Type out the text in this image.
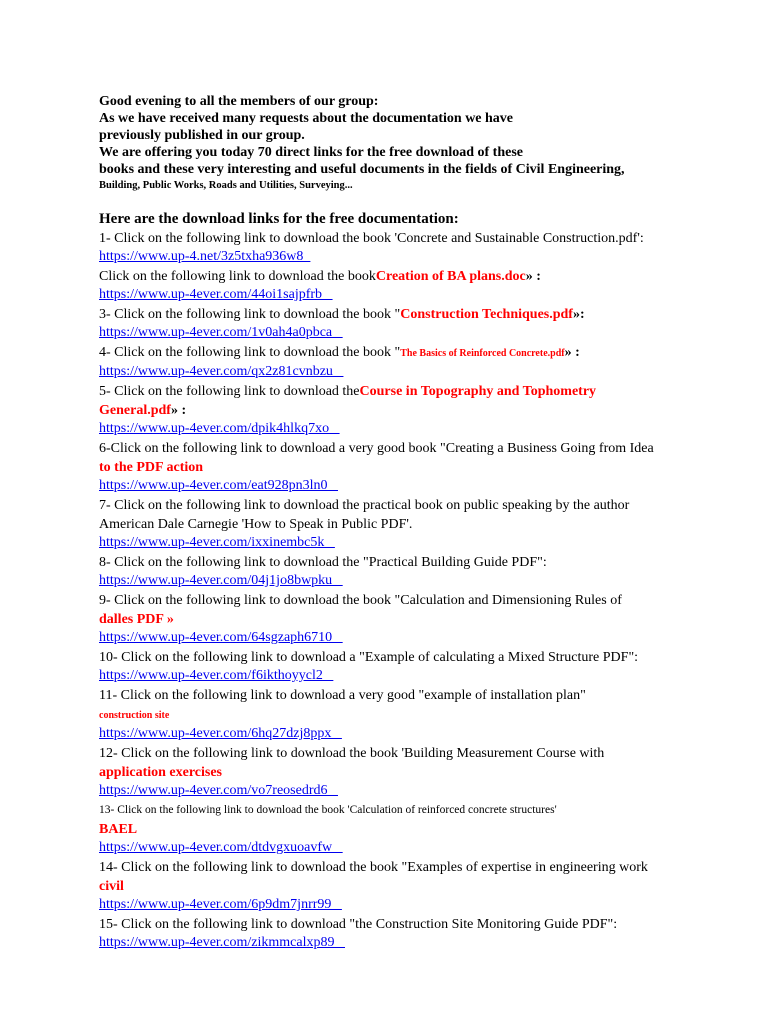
Good evening to all the members of our group:
As we have received many requests about the documentation we have
previously published in our group.
We are offering you today 70 direct links for the free download of these
books and these very interesting and useful documents in the fields of Civil Engineering,
Building, Public Works, Roads and Utilities, Surveying...
Here are the download links for the free documentation:
1- Click on the following link to download the book 'Concrete and Sustainable Construction.pdf':
https://www.up-4.net/3z5txha936w8
Click on the following link to download the bookCreation of BA plans.doc» :
https://www.up-4ever.com/44oi1sajpfrb
3- Click on the following link to download the book "Construction Techniques.pdf»:
https://www.up-4ever.com/1v0ah4a0pbca
4- Click on the following link to download the book "The Basics of Reinforced Concrete.pdf» :
https://www.up-4ever.com/qx2z81cvnbzu
5- Click on the following link to download theCourse in Topography and Tophometry
General.pdf» :
https://www.up-4ever.com/dpik4hlkq7xo
6-Click on the following link to download a very good book "Creating a Business Going from Idea
to the PDF action
https://www.up-4ever.com/eat928pn3ln0
7- Click on the following link to download the practical book on public speaking by the author
American Dale Carnegie 'How to Speak in Public PDF'.
https://www.up-4ever.com/ixxinembc5k
8- Click on the following link to download the "Practical Building Guide PDF":
https://www.up-4ever.com/04j1jo8bwpku
9- Click on the following link to download the book "Calculation and Dimensioning Rules of
dalles PDF »
https://www.up-4ever.com/64sgzaph6710
10- Click on the following link to download a "Example of calculating a Mixed Structure PDF":
https://www.up-4ever.com/f6ikthoyycl2
11- Click on the following link to download a very good "example of installation plan"
construction site
https://www.up-4ever.com/6hq27dzj8ppx
12- Click on the following link to download the book 'Building Measurement Course with
application exercises
https://www.up-4ever.com/vo7reosedrd6
13- Click on the following link to download the book 'Calculation of reinforced concrete structures'
BAEL
https://www.up-4ever.com/dtdvgxuoavfw
14- Click on the following link to download the book "Examples of expertise in engineering work
civil
https://www.up-4ever.com/6p9dm7jnrr99
15- Click on the following link to download "the Construction Site Monitoring Guide PDF":
https://www.up-4ever.com/zikmmcalxp89
